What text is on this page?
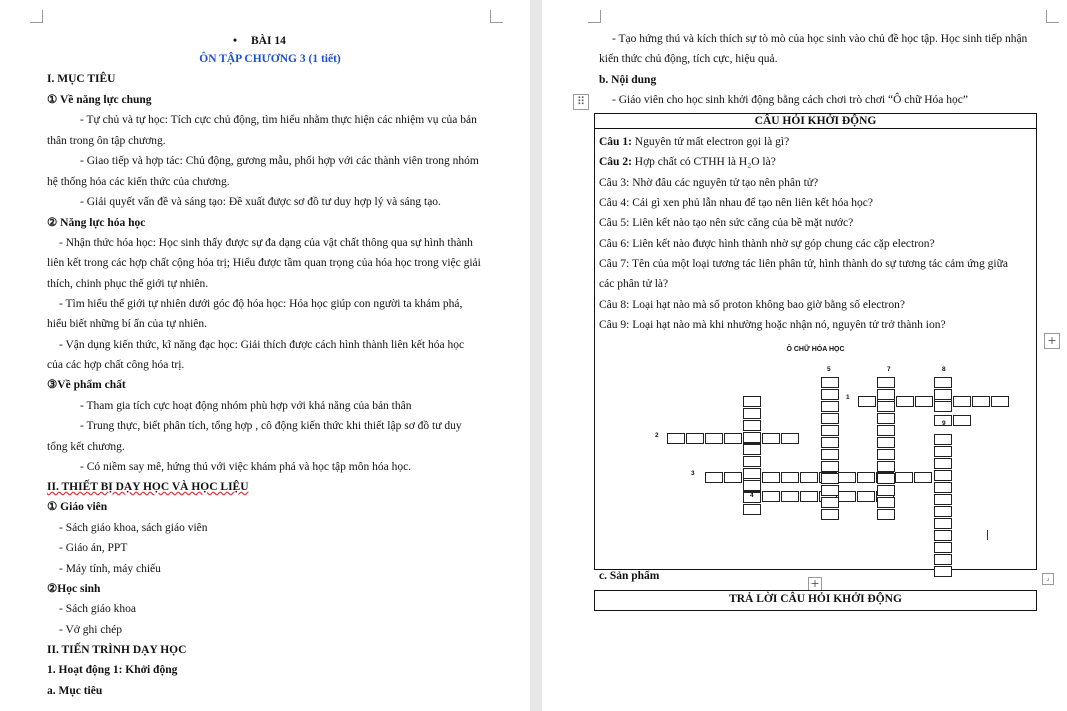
• BÀI 14
ÔN TẬP CHƯƠNG 3 (1 tiết)
I. MỤC TIÊU
① Về năng lực chung
- Tự chủ và tự học: Tích cực chủ động, tìm hiểu nhằm thực hiện các nhiệm vụ của bản
thân trong ôn tập chương.
- Giao tiếp và hợp tác: Chủ động, gương mẫu, phối hợp với các thành viên trong nhóm
hệ thống hóa các kiến thức của chương.
- Giải quyết vấn đề và sáng tạo: Đề xuất được sơ đồ tư duy hợp lý và sáng tạo.
② Năng lực hóa học
- Nhận thức hóa học: Học sinh thấy được sự đa dạng của vật chất thông qua sự hình thành
liên kết trong các hợp chất cộng hóa trị; Hiểu được tầm quan trọng của hóa học trong việc giải
thích, chinh phục thế giới tự nhiên.
- Tìm hiểu thế giới tự nhiên dưới góc độ hóa học: Hóa học giúp con người ta khám phá,
hiểu biết những bí ẩn của tự nhiên.
- Vận dụng kiến thức, kĩ năng đạc học: Giải thích được cách hình thành liên kết hóa học
của các hợp chất công hóa trị.
③Về phẩm chất
- Tham gia tích cực hoạt động nhóm phù hợp với khả năng của bản thân
- Trung thực, biết phân tích, tổng hợp , cô động kiến thức khi thiết lập sơ đồ tư duy
tổng kết chương.
- Có niềm say mê, hứng thú với việc khám phá và học tập môn hóa học.
II. THIẾT BỊ DẠY HỌC VÀ HỌC LIỆU
① Giáo viên
- Sách giáo khoa, sách giáo viên
- Giáo án, PPT
- Máy tính, máy chiếu
②Học sinh
- Sách giáo khoa
- Vở ghi chép
II. TIẾN TRÌNH DẠY HỌC
1. Hoạt động 1: Khởi động
a. Mục tiêu
- Tạo hứng thú và kích thích sự tò mò của học sinh vào chủ đề học tập. Học sinh tiếp nhận
kiến thức chủ động, tích cực, hiệu quả.
b. Nội dung
- Giáo viên cho học sinh khởi động bằng cách chơi trò chơi “Ô chữ Hóa học”
⠿
CÂU HỎI KHỞI ĐỘNG
Câu 1: Nguyên tử mất electron gọi là gì?
Câu 2: Hợp chất có CTHH là H₂O là?
Câu 3: Nhờ đâu các nguyên tử tạo nên phân tử?
Câu 4: Cái gì xen phủ lẫn nhau để tạo nên liên kết hóa học?
Câu 5: Liên kết nào tạo nên sức căng của bề mặt nước?
Câu 6: Liên kết nào được hình thành nhờ sự góp chung các cặp electron?
Câu 7: Tên của một loại tương tác liên phân tử, hình thành do sự tương tác cảm ứng giữa
các phân tử là?
Câu 8: Loại hạt nào mà số proton không bao giờ bằng số electron?
Câu 9: Loại hạt nào mà khi nhường hoặc nhận nó, nguyên tử trở thành ion?
Ô CHỮ HÓA HỌC
5	7	8
1
9
2
3
4
+
c. Sản phẩm
+	⌟
TRẢ LỜI CÂU HỎI KHỞI ĐỘNG
